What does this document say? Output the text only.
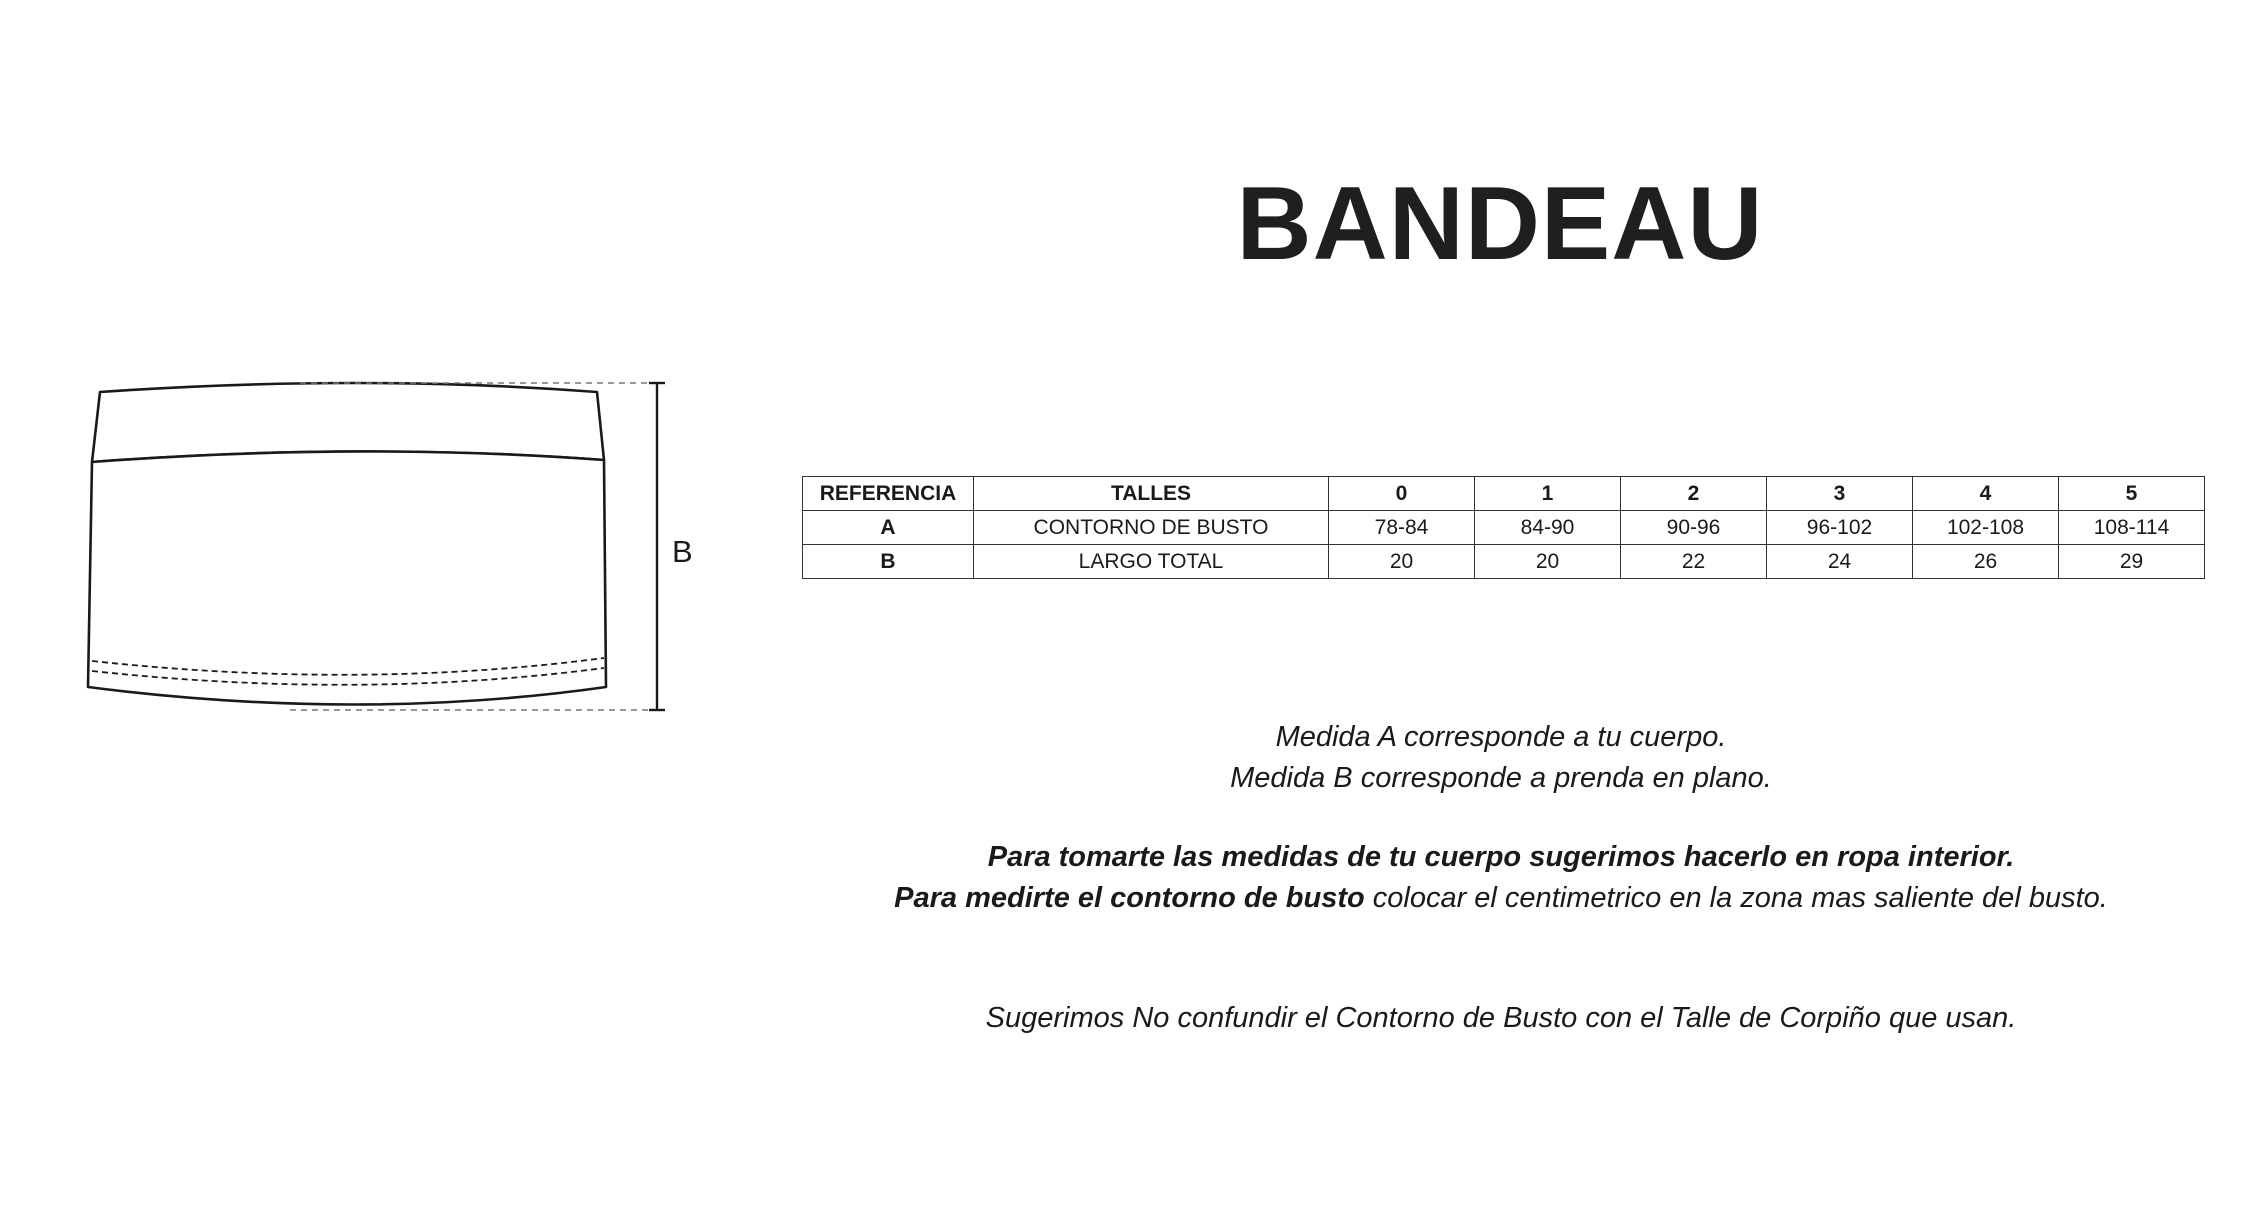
B
BANDEAU
REFERENCIA	TALLES	0	1	2	3	4	5
A	CONTORNO DE BUSTO	78-84	84-90	90-96	96-102	102-108	108-114
B	LARGO TOTAL	20	20	22	24	26	29

Medida A corresponde a tu cuerpo.

Medida B corresponde a prenda en plano.

Para tomarte las medidas de tu cuerpo sugerimos hacerlo en ropa interior.

Para medirte el contorno de busto colocar el centimetrico en la zona mas saliente del busto.

Sugerimos No confundir el Contorno de Busto con el Talle de Corpiño que usan.
